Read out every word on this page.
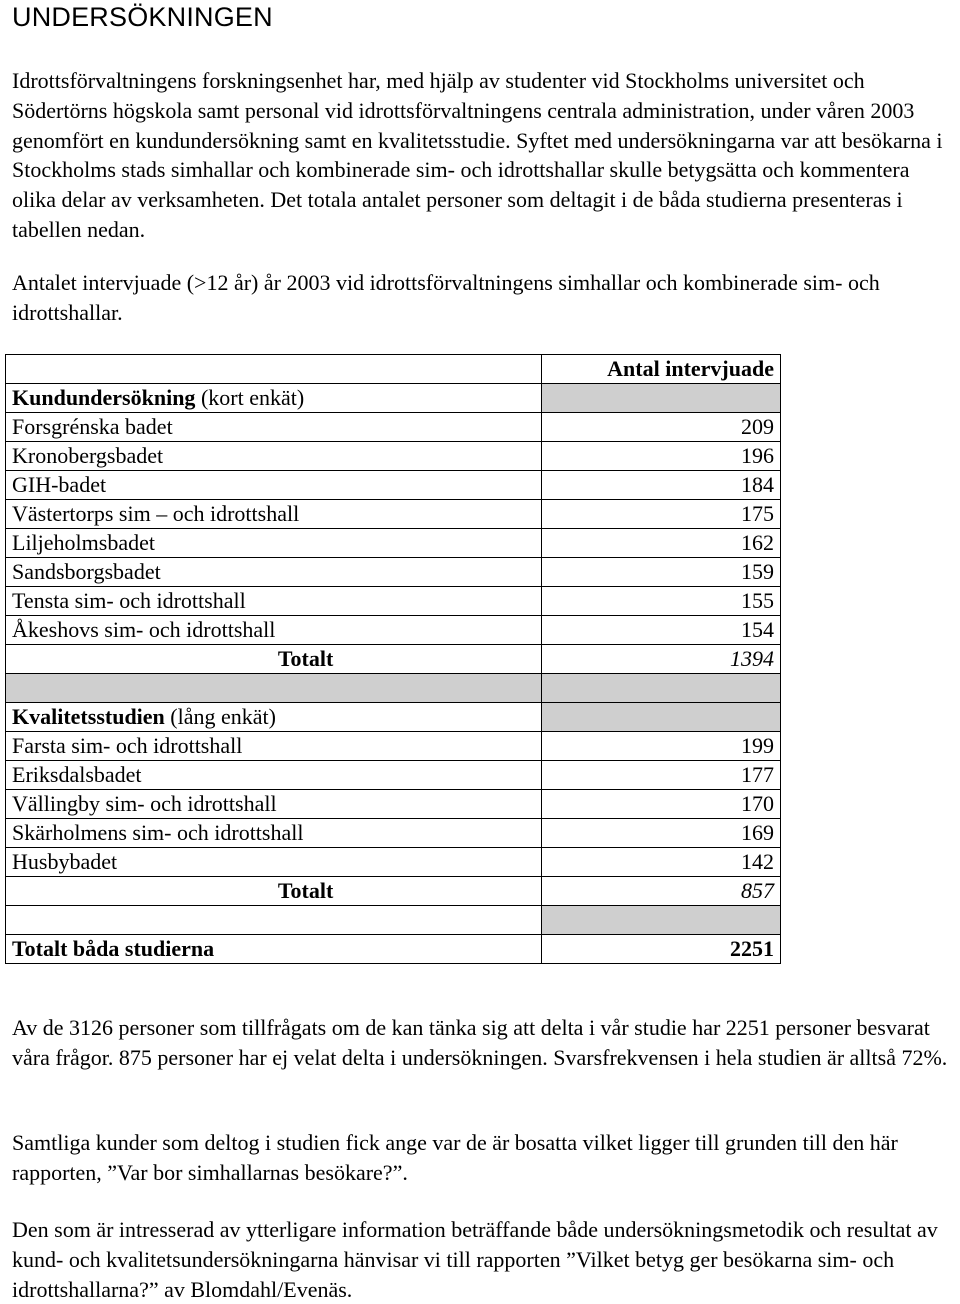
UNDERSÖKNINGEN

Idrottsförvaltningens forskningsenhet har, med hjälp av studenter vid Stockholms universitet och Södertörns högskola samt personal vid idrottsförvaltningens centrala administration, under våren 2003 genomfört en kundundersökning samt en kvalitetsstudie. Syftet med undersökningarna var att besökarna i Stockholms stads simhallar och kombinerade sim- och idrottshallar skulle betygsätta och kommentera olika delar av verksamheten. Det totala antalet personer som deltagit i de båda studierna presenteras i tabellen nedan.

Antalet intervjuade (>12 år) år 2003 vid idrottsförvaltningens simhallar och kombinerade sim- och idrottshallar.

	Antal intervjuade
Kundundersökning (kort enkät)	
Forsgrénska badet	209
Kronobergsbadet	196
GIH-badet	184
Västertorps sim – och idrottshall	175
Liljeholmsbadet	162
Sandsborgsbadet	159
Tensta sim- och idrottshall	155
Åkeshovs sim- och idrottshall	154
Totalt	1394

Kvalitetsstudien (lång enkät)	
Farsta sim- och idrottshall	199
Eriksdalsbadet	177
Vällingby sim- och idrottshall	170
Skärholmens sim- och idrottshall	169
Husbybadet	142
Totalt	857

Totalt båda studierna	2251

Av de 3126 personer som tillfrågats om de kan tänka sig att delta i vår studie har 2251 personer besvarat våra frågor. 875 personer har ej velat delta i undersökningen. Svarsfrekvensen i hela studien är alltså 72%.

Samtliga kunder som deltog i studien fick ange var de är bosatta vilket ligger till grunden till den här rapporten, ”Var bor simhallarnas besökare?”.

Den som är intresserad av ytterligare information beträffande både undersökningsmetodik och resultat av kund- och kvalitetsundersökningarna hänvisar vi till rapporten ”Vilket betyg ger besökarna sim- och idrottshallarna?” av Blomdahl/Evenäs.
